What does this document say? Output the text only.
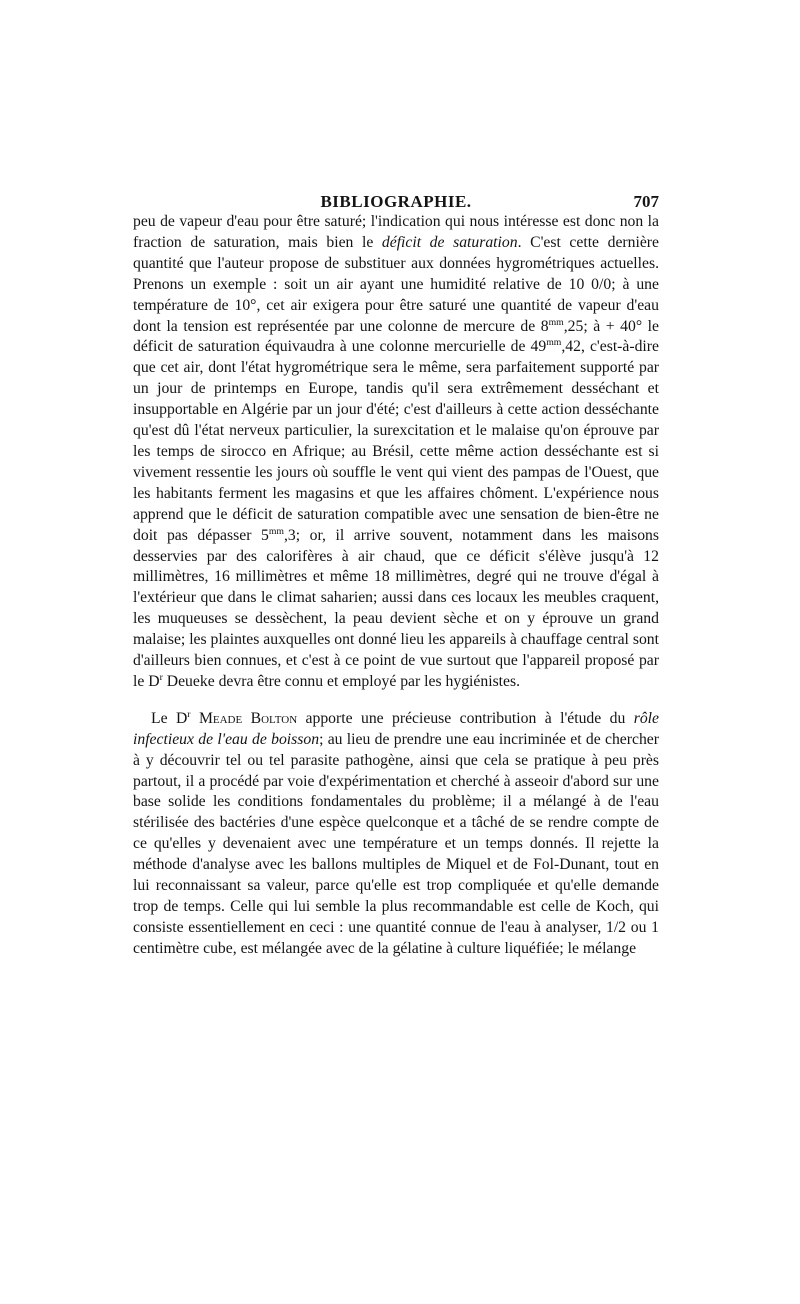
BIBLIOGRAPHIE.	707

peu de vapeur d'eau pour être saturé; l'indication qui nous intéresse est donc non la fraction de saturation, mais bien le déficit de saturation. C'est cette dernière quantité que l'auteur propose de substituer aux données hygrométriques actuelles. Prenons un exemple : soit un air ayant une humidité relative de 10 0/0; à une température de 10°, cet air exigera pour être saturé une quantité de vapeur d'eau dont la tension est représentée par une colonne de mercure de $8^{mm},25$; à + 40° le déficit de saturation équivaudra à une colonne mercurielle de $49^{mm},42$, c'est-à-dire que cet air, dont l'état hygrométrique sera le même, sera parfaitement supporté par un jour de printemps en Europe, tandis qu'il sera extrêmement desséchant et insupportable en Algérie par un jour d'été; c'est d'ailleurs à cette action desséchante qu'est dû l'état nerveux particulier, la surexcitation et le malaise qu'on éprouve par les temps de sirocco en Afrique; au Brésil, cette même action desséchante est si vivement ressentie les jours où souffle le vent qui vient des pampas de l'Ouest, que les habitants ferment les magasins et que les affaires chôment. L'expérience nous apprend que le déficit de saturation compatible avec une sensation de bien-être ne doit pas dépasser $5^{mm},3$; or, il arrive souvent, notamment dans les maisons desservies par des calorifères à air chaud, que ce déficit s'élève jusqu'à 12 millimètres, 16 millimètres et même 18 millimètres, degré qui ne trouve d'égal à l'extérieur que dans le climat saharien; aussi dans ces locaux les meubles craquent, les muqueuses se dessèchent, la peau devient sèche et on y éprouve un grand malaise; les plaintes auxquelles ont donné lieu les appareils à chauffage central sont d'ailleurs bien connues, et c'est à ce point de vue surtout que l'appareil proposé par le $D^r$ Deueke devra être connu et employé par les hygiénistes.

Le $D^r$ Meade Bolton apporte une précieuse contribution à l'étude du rôle infectieux de l'eau de boisson; au lieu de prendre une eau incriminée et de chercher à y découvrir tel ou tel parasite pathogène, ainsi que cela se pratique à peu près partout, il a procédé par voie d'expérimentation et cherché à asseoir d'abord sur une base solide les conditions fondamentales du problème; il a mélangé à de l'eau stérilisée des bactéries d'une espèce quelconque et a tâché de se rendre compte de ce qu'elles y devenaient avec une température et un temps donnés. Il rejette la méthode d'analyse avec les ballons multiples de Miquel et de Fol-Dunant, tout en lui reconnaissant sa valeur, parce qu'elle est trop compliquée et qu'elle demande trop de temps. Celle qui lui semble la plus recommandable est celle de Koch, qui consiste essentiellement en ceci : une quantité connue de l'eau à analyser, 1/2 ou 1 centimètre cube, est mélangée avec de la gélatine à culture liquéfiée; le mélange
